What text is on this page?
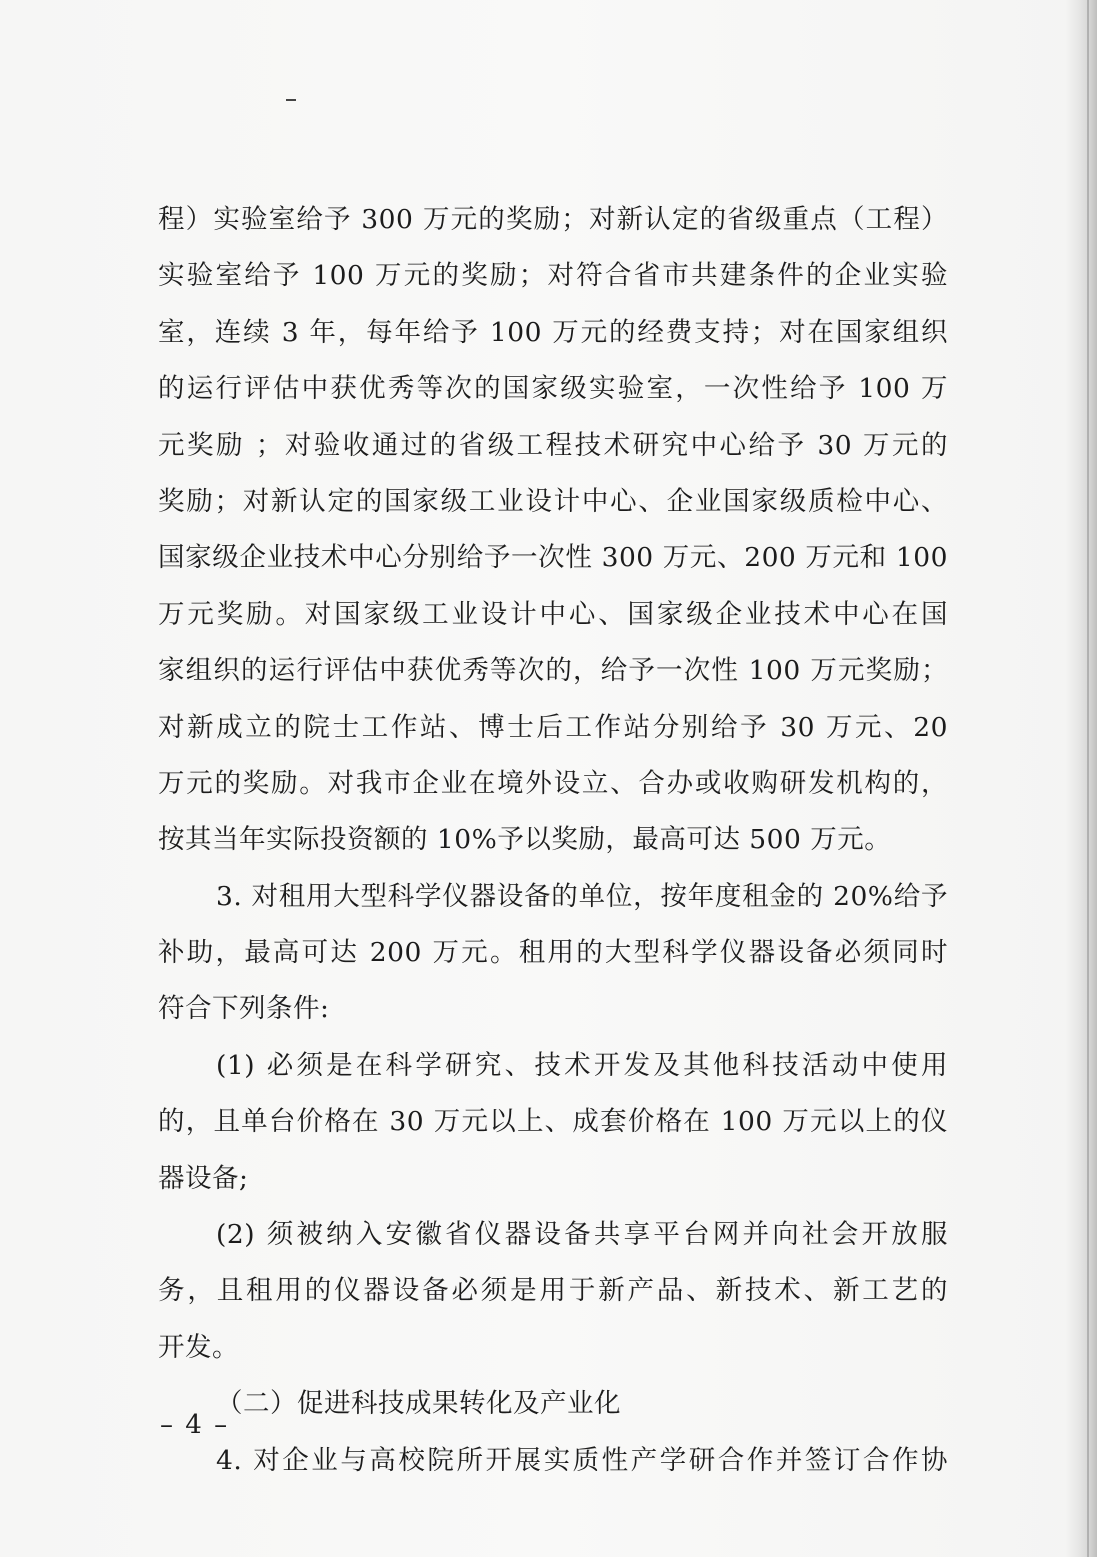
程）实验室给予 300 万元的奖励；对新认定的省级重点（工程）
实验室给予 100 万元的奖励；对符合省市共建条件的企业实验
室，连续 3 年，每年给予 100 万元的经费支持；对在国家组织
的运行评估中获优秀等次的国家级实验室，一次性给予 100 万
元奖励 ；对验收通过的省级工程技术研究中心给予 30 万元的
奖励；对新认定的国家级工业设计中心、企业国家级质检中心、
国家级企业技术中心分别给予一次性 300 万元、200 万元和 100
万元奖励。对国家级工业设计中心、国家级企业技术中心在国
家组织的运行评估中获优秀等次的，给予一次性 100 万元奖励；
对新成立的院士工作站、博士后工作站分别给予 30 万元、20
万元的奖励。对我市企业在境外设立、合办或收购研发机构的，
按其当年实际投资额的 10%予以奖励，最高可达 500 万元。
3. 对租用大型科学仪器设备的单位，按年度租金的 20%给予
补助，最高可达 200 万元。租用的大型科学仪器设备必须同时
符合下列条件:
(1) 必须是在科学研究、技术开发及其他科技活动中使用
的，且单台价格在 30 万元以上、成套价格在 100 万元以上的仪
器设备;
(2) 须被纳入安徽省仪器设备共享平台网并向社会开放服
务，且租用的仪器设备必须是用于新产品、新技术、新工艺的
开发。
（二）促进科技成果转化及产业化
4. 对企业与高校院所开展实质性产学研合作并签订合作协
– 4 –
